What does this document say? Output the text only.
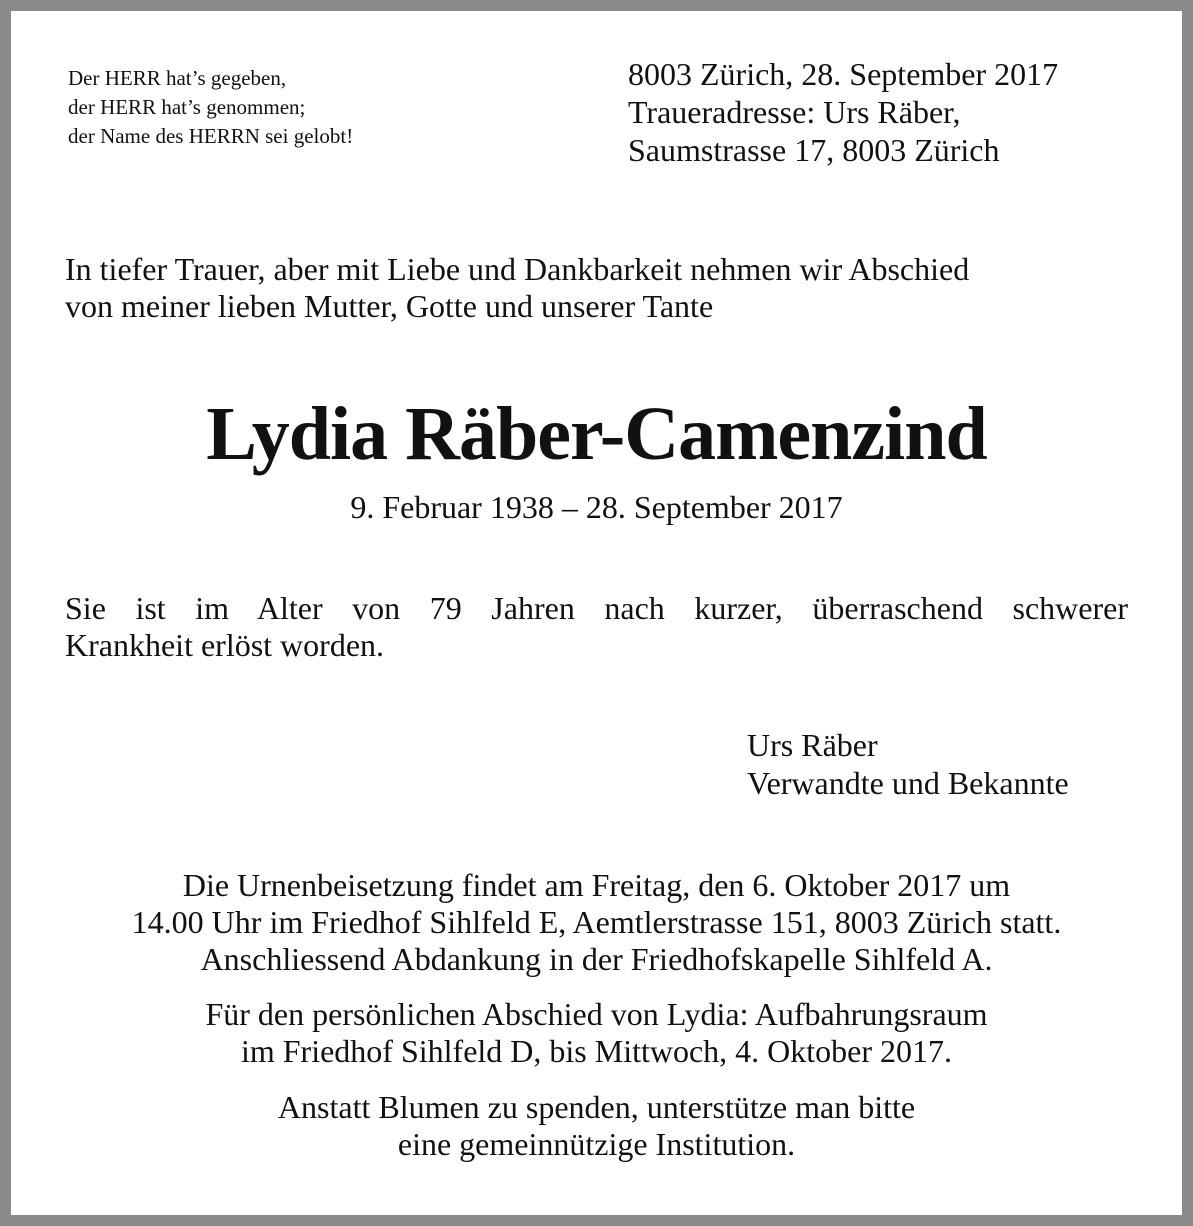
Der HERR hat’s gegeben,
der HERR hat’s genommen;
der Name des HERRN sei gelobt!
8003 Zürich, 28. September 2017
Traueradresse: Urs Räber,
Saumstrasse 17, 8003 Zürich
In tiefer Trauer, aber mit Liebe und Dankbarkeit nehmen wir Abschied
von meiner lieben Mutter, Gotte und unserer Tante
Lydia Räber-Camenzind
9. Februar 1938 – 28. September 2017
Sie ist im Alter von 79 Jahren nach kurzer, überraschend schwerer
Krankheit erlöst worden.
Urs Räber
Verwandte und Bekannte
Die Urnenbeisetzung findet am Freitag, den 6. Oktober 2017 um
14.00 Uhr im Friedhof Sihlfeld E, Aemtlerstrasse 151, 8003 Zürich statt.
Anschliessend Abdankung in der Friedhofskapelle Sihlfeld A.
Für den persönlichen Abschied von Lydia: Aufbahrungsraum
im Friedhof Sihlfeld D, bis Mittwoch, 4. Oktober 2017.
Anstatt Blumen zu spenden, unterstütze man bitte
eine gemeinnützige Institution.
